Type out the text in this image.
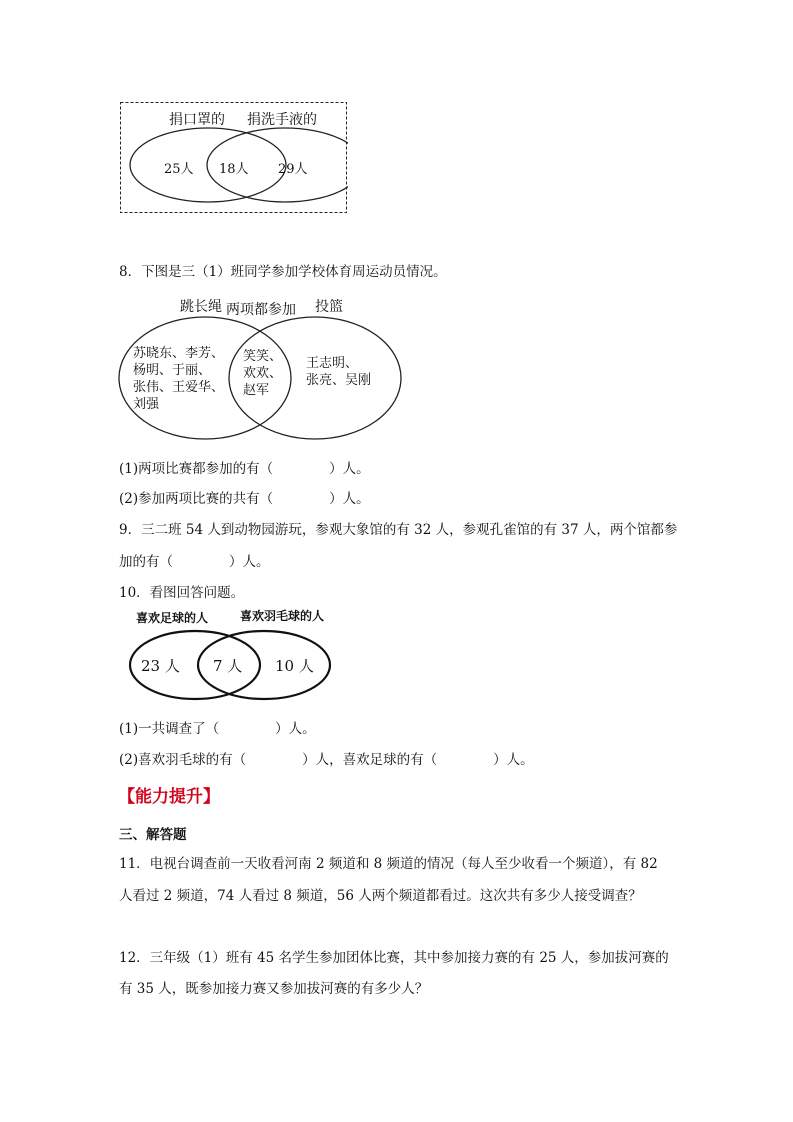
捐口罩的 捐洗手液的
25人 18人 29人
8．下图是三（1）班同学参加学校体育周运动员情况。
跳长绳 两项都参加 投篮
苏晓东、李芳、
杨明、于丽、
张伟、王爱华、
刘强
笑笑、
欢欢、
赵军
王志明、
张亮、吴刚
(1)两项比赛都参加的有（	）人。
(2)参加两项比赛的共有（	）人。
9．三二班 54 人到动物园游玩，参观大象馆的有 32 人，参观孔雀馆的有 37 人，两个馆都参
加的有（	）人。
10．看图回答问题。
喜欢足球的人	喜欢羽毛球的人
23 人 7 人 10 人
(1)一共调查了（	）人。
(2)喜欢羽毛球的有（	）人，喜欢足球的有（	）人。
【能力提升】
三、解答题
11．电视台调查前一天收看河南 2 频道和 8 频道的情况（每人至少收看一个频道），有 82
人看过 2 频道，74 人看过 8 频道，56 人两个频道都看过。这次共有多少人接受调查？
12．三年级（1）班有 45 名学生参加团体比赛，其中参加接力赛的有 25 人，参加拔河赛的
有 35 人，既参加接力赛又参加拔河赛的有多少人？
